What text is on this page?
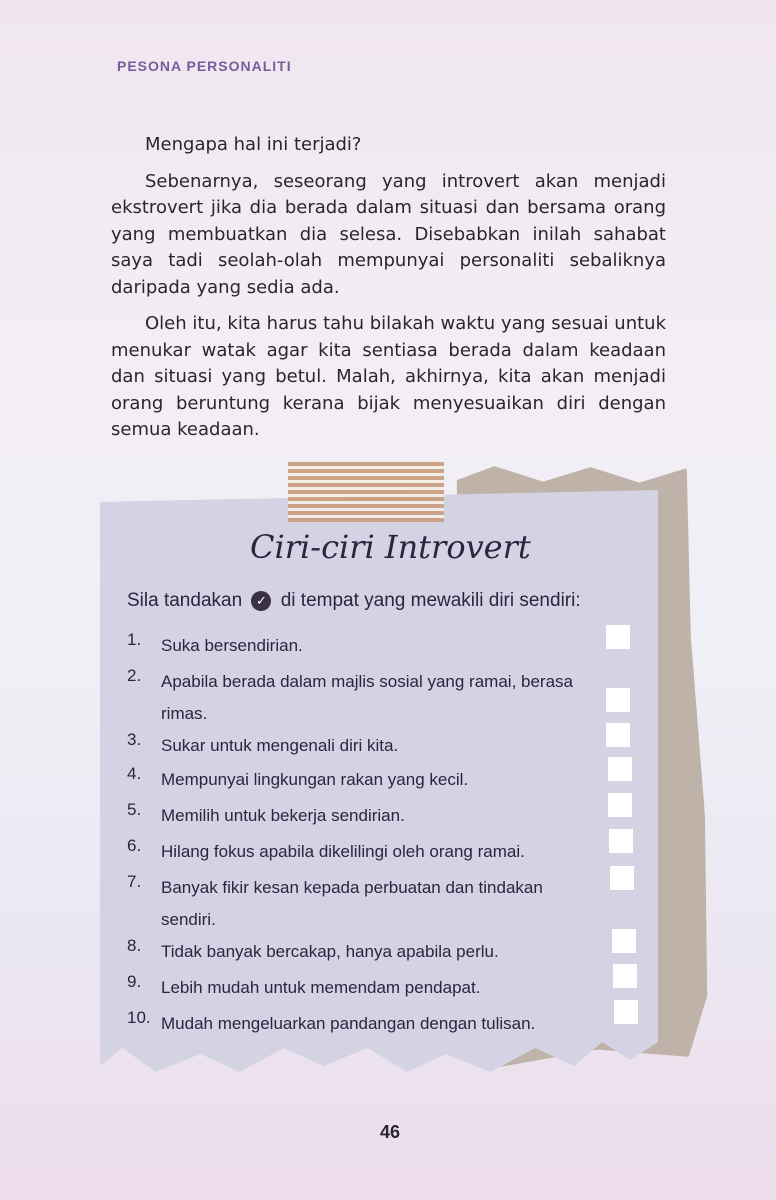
PESONA PERSONALITI

Mengapa hal ini terjadi?

Sebenarnya, seseorang yang introvert akan menjadi ekstrovert jika dia berada dalam situasi dan bersama orang yang membuatkan dia selesa. Disebabkan inilah sahabat saya tadi seolah-olah mempunyai personaliti sebaliknya daripada yang sedia ada.

Oleh itu, kita harus tahu bilakah waktu yang sesuai untuk menukar watak agar kita sentiasa berada dalam keadaan dan situasi yang betul. Malah, akhirnya, kita akan menjadi orang beruntung kerana bijak menyesuaikan diri dengan semua keadaan.

Ciri-ciri Introvert
Sila tandakan ✓ di tempat yang mewakili diri sendiri:
1.	Suka bersendirian.
2.	Apabila berada dalam majlis sosial yang ramai, berasa rimas.
3.	Sukar untuk mengenali diri kita.
4.	Mempunyai lingkungan rakan yang kecil.
5.	Memilih untuk bekerja sendirian.
6.	Hilang fokus apabila dikelilingi oleh orang ramai.
7.	Banyak fikir kesan kepada perbuatan dan tindakan sendiri.
8.	Tidak banyak bercakap, hanya apabila perlu.
9.	Lebih mudah untuk memendam pendapat.
10. Mudah mengeluarkan pandangan dengan tulisan.
46
